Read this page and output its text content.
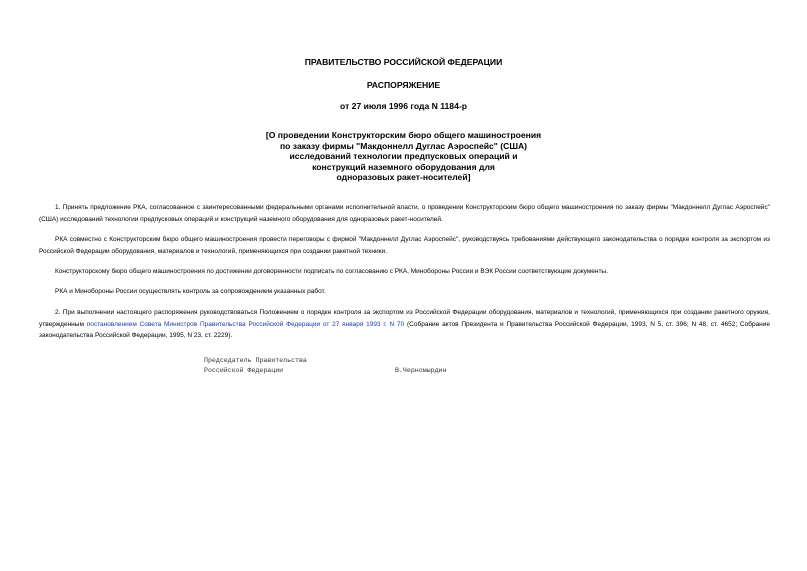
ПРАВИТЕЛЬСТВО РОССИЙСКОЙ ФЕДЕРАЦИИ
РАСПОРЯЖЕНИЕ
от 27 июля 1996 года N 1184-р
[О проведении Конструкторским бюро общего машиностроения
по заказу фирмы "Макдоннелл Дуглас Аэроспейс" (США)
исследований технологии предпусковых операций и
конструкций наземного оборудования для
одноразовых ракет-носителей]

1. Принять предложение РКА, согласованное с заинтересованными федеральными органами исполнительной власти, о проведении Конструкторским бюро общего машиностроения по заказу фирмы "Макдоннелл Дуглас Аэроспейс" (США) исследований технологии предпусковых операций и конструкций наземного оборудования для одноразовых ракет-носителей.

РКА совместно с Конструкторским бюро общего машиностроения провести переговоры с фирмой "Макдоннелл Дуглас Аэроспейс", руководствуясь требованиями действующего законодательства о порядке контроля за экспортом из Российской Федерации оборудования, материалов и технологий, применяющихся при создании ракетной техники.

Конструкторскому бюро общего машиностроения по достижении договоренности подписать по согласованию с РКА, Минобороны России и ВЭК России соответствующие документы.

РКА и Минобороны России осуществлять контроль за сопровождением указанных работ.

2. При выполнении настоящего распоряжения руководствоваться Положением о порядке контроля за экспортом из Российской Федерации оборудования, материалов и технологий, применяющихся при создании ракетного оружия, утвержденным постановлением Совета Министров Правительства Российской Федерации от 27 января 1993 г. N 70 (Собрание актов Президента и Правительства Российской Федерации, 1993, N 5, ст. 396; N 48, ст. 4652; Собрание законодательства Российской Федерации, 1995, N 23, ст. 2229).

Председатель Правительства
Российской Федерации	В.Черномырдин
